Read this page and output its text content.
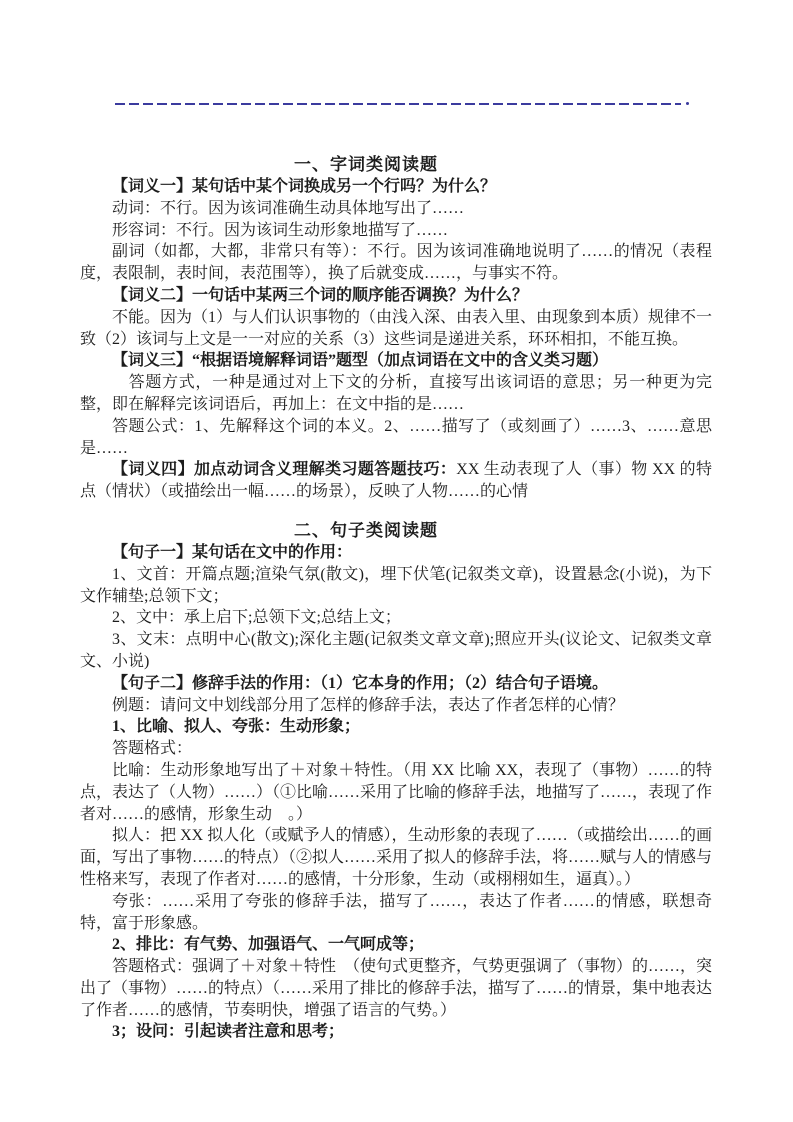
一、字词类阅读题

【词义一】某句话中某个词换成另一个行吗？为什么？

动词：不行。因为该词准确生动具体地写出了……

形容词：不行。因为该词生动形象地描写了……

副词（如都，大都，非常只有等）：不行。因为该词准确地说明了……的情况（表程度，表限制，表时间，表范围等），换了后就变成……，与事实不符。

【词义二】一句话中某两三个词的顺序能否调换？为什么？

不能。因为（1）与人们认识事物的（由浅入深、由表入里、由现象到本质）规律不一致（2）该词与上文是一一对应的关系（3）这些词是递进关系，环环相扣，不能互换。

【词义三】“根据语境解释词语”题型（加点词语在文中的含义类习题）

　答题方式，一种是通过对上下文的分析，直接写出该词语的意思；另一种更为完整，即在解释完该词语后，再加上：在文中指的是……

答题公式：1、先解释这个词的本义。2、……描写了（或刻画了）……3、……意思是……

【词义四】加点动词含义理解类习题答题技巧：XX 生动表现了人（事）物 XX 的特点（情状）（或描绘出一幅……的场景），反映了人物……的心情

二、句子类阅读题

【句子一】某句话在文中的作用：

1、文首：开篇点题;渲染气氛(散文)，埋下伏笔(记叙类文章)，设置悬念(小说)，为下文作辅垫;总领下文；

2、文中：承上启下;总领下文;总结上文；

3、文末：点明中心(散文);深化主题(记叙类文章文章);照应开头(议论文、记叙类文章文、小说)

【句子二】修辞手法的作用：（1）它本身的作用；（2）结合句子语境。

例题：请问文中划线部分用了怎样的修辞手法，表达了作者怎样的心情？

1、比喻、拟人、夸张：生动形象；

答题格式：

比喻：生动形象地写出了＋对象＋特性。（用 XX 比喻 XX，表现了（事物）……的特点，表达了（人物）……）（①比喻……采用了比喻的修辞手法，地描写了……，表现了作者对……的感情，形象生动　。）

拟人：把 XX 拟人化（或赋予人的情感），生动形象的表现了……（或描绘出……的画面，写出了事物……的特点）（②拟人……采用了拟人的修辞手法，将……赋与人的情感与性格来写，表现了作者对……的感情，十分形象，生动（或栩栩如生，逼真）。）

夸张：……采用了夸张的修辞手法，描写了……，表达了作者……的情感，联想奇特，富于形象感。

2、排比：有气势、加强语气、一气呵成等；

答题格式：强调了＋对象＋特性　（使句式更整齐，气势更强调了（事物）的……，突出了（事物）……的特点）（……采用了排比的修辞手法，描写了……的情景，集中地表达了作者……的感情，节奏明快，增强了语言的气势。）

3；设问：引起读者注意和思考；
